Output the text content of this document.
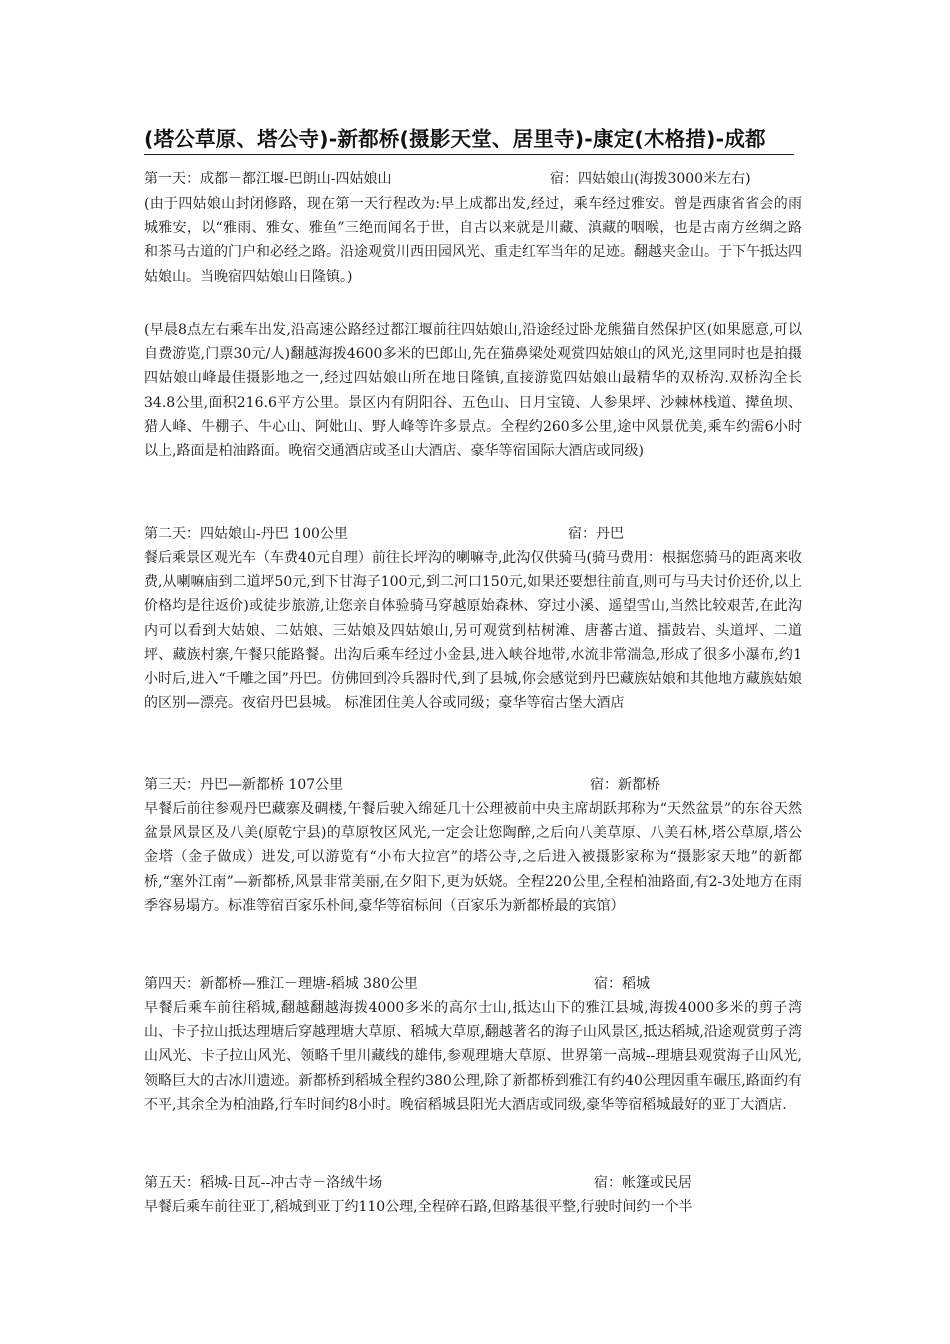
(塔公草原、塔公寺)-新都桥(摄影天堂、居里寺)-康定(木格措)-成都
第一天：成都－都江堰-巴朗山-四姑娘山	宿：四姑娘山(海拨3000米左右)
(由于四姑娘山封闭修路，现在第一天行程改为:早上成都出发,经过，乘车经过雅安。曾是西康省省会的雨城雅安，以“雅雨、雅女、雅鱼”三绝而闻名于世，自古以来就是川藏、滇藏的咽喉，也是古南方丝绸之路和茶马古道的门户和必经之路。沿途观赏川西田园风光、重走红军当年的足迹。翻越夹金山。于下午抵达四姑娘山。当晚宿四姑娘山日隆镇。)
(早晨8点左右乘车出发,沿高速公路经过都江堰前往四姑娘山,沿途经过卧龙熊猫自然保护区(如果愿意,可以自费游览,门票30元/人)翻越海拨4600多米的巴郎山,先在猫鼻梁处观赏四姑娘山的风光,这里同时也是拍摄四姑娘山峰最佳摄影地之一,经过四姑娘山所在地日隆镇,直接游览四姑娘山最精华的双桥沟.双桥沟全长34.8公里,面积216.6平方公里。景区内有阴阳谷、五色山、日月宝镜、人参果坪、沙棘林栈道、撵鱼坝、猎人峰、牛棚子、牛心山、阿妣山、野人峰等许多景点。全程约260多公里,途中风景优美,乘车约需6小时以上,路面是柏油路面。晚宿交通酒店或圣山大酒店、豪华等宿国际大酒店或同级)
第二天：四姑娘山-丹巴 100公里	宿：丹巴
餐后乘景区观光车（车费40元自理）前往长坪沟的喇嘛寺,此沟仅供骑马(骑马费用：根据您骑马的距离来收费,从喇嘛庙到二道坪50元,到下甘海子100元,到二河口150元,如果还要想往前直,则可与马夫讨价还价,以上价格均是往返价)或徒步旅游,让您亲自体验骑马穿越原始森林、穿过小溪、遥望雪山,当然比较艰苦,在此沟内可以看到大姑娘、二姑娘、三姑娘及四姑娘山,另可观赏到枯树滩、唐蕃古道、擂鼓岩、头道坪、二道坪、藏族村寨,午餐只能路餐。出沟后乘车经过小金县,进入峡谷地带,水流非常湍急,形成了很多小瀑布,约1小时后,进入“千雕之国”丹巴。仿佛回到冷兵器时代,到了县城,你会感觉到丹巴藏族姑娘和其他地方藏族姑娘的区别—漂亮。夜宿丹巴县城。 标准团住美人谷或同级；豪华等宿古堡大酒店
第三天：丹巴—新都桥 107公里	宿：新都桥
早餐后前往参观丹巴藏寨及碉楼,午餐后驶入绵延几十公理被前中央主席胡跃邦称为“天然盆景”的东谷天然盆景风景区及八美(原乾宁县)的草原牧区风光,一定会让您陶醉,之后向八美草原、八美石林,塔公草原,塔公金塔（金子做成）进发,可以游览有“小布大拉宫”的塔公寺,之后进入被摄影家称为“摄影家天地”的新都桥,“塞外江南”—新都桥,风景非常美丽,在夕阳下,更为妖娆。全程220公里,全程柏油路面,有2-3处地方在雨季容易塌方。标准等宿百家乐朴间,豪华等宿标间（百家乐为新都桥最的宾馆）
第四天：新都桥—雅江－理塘-稻城 380公里	宿：稻城
早餐后乘车前往稻城,翻越翻越海拨4000多米的高尔士山,抵达山下的雅江县城,海拨4000多米的剪子湾山、卡子拉山抵达理塘后穿越理塘大草原、稻城大草原,翻越著名的海子山风景区,抵达稻城,沿途观赏剪子湾山风光、卡子拉山风光、领略千里川藏线的雄伟,参观理塘大草原、世界第一高城--理塘县观赏海子山风光,领略巨大的古冰川遗迹。新都桥到稻城全程约380公理,除了新都桥到雅江有约40公理因重车碾压,路面约有不平,其余全为柏油路,行车时间约8小时。晚宿稻城县阳光大酒店或同级,豪华等宿稻城最好的亚丁大酒店.
第五天：稻城-日瓦--冲古寺－洛绒牛场	宿：帐篷或民居
早餐后乘车前往亚丁,稻城到亚丁约110公理,全程碎石路,但路基很平整,行驶时间约一个半
